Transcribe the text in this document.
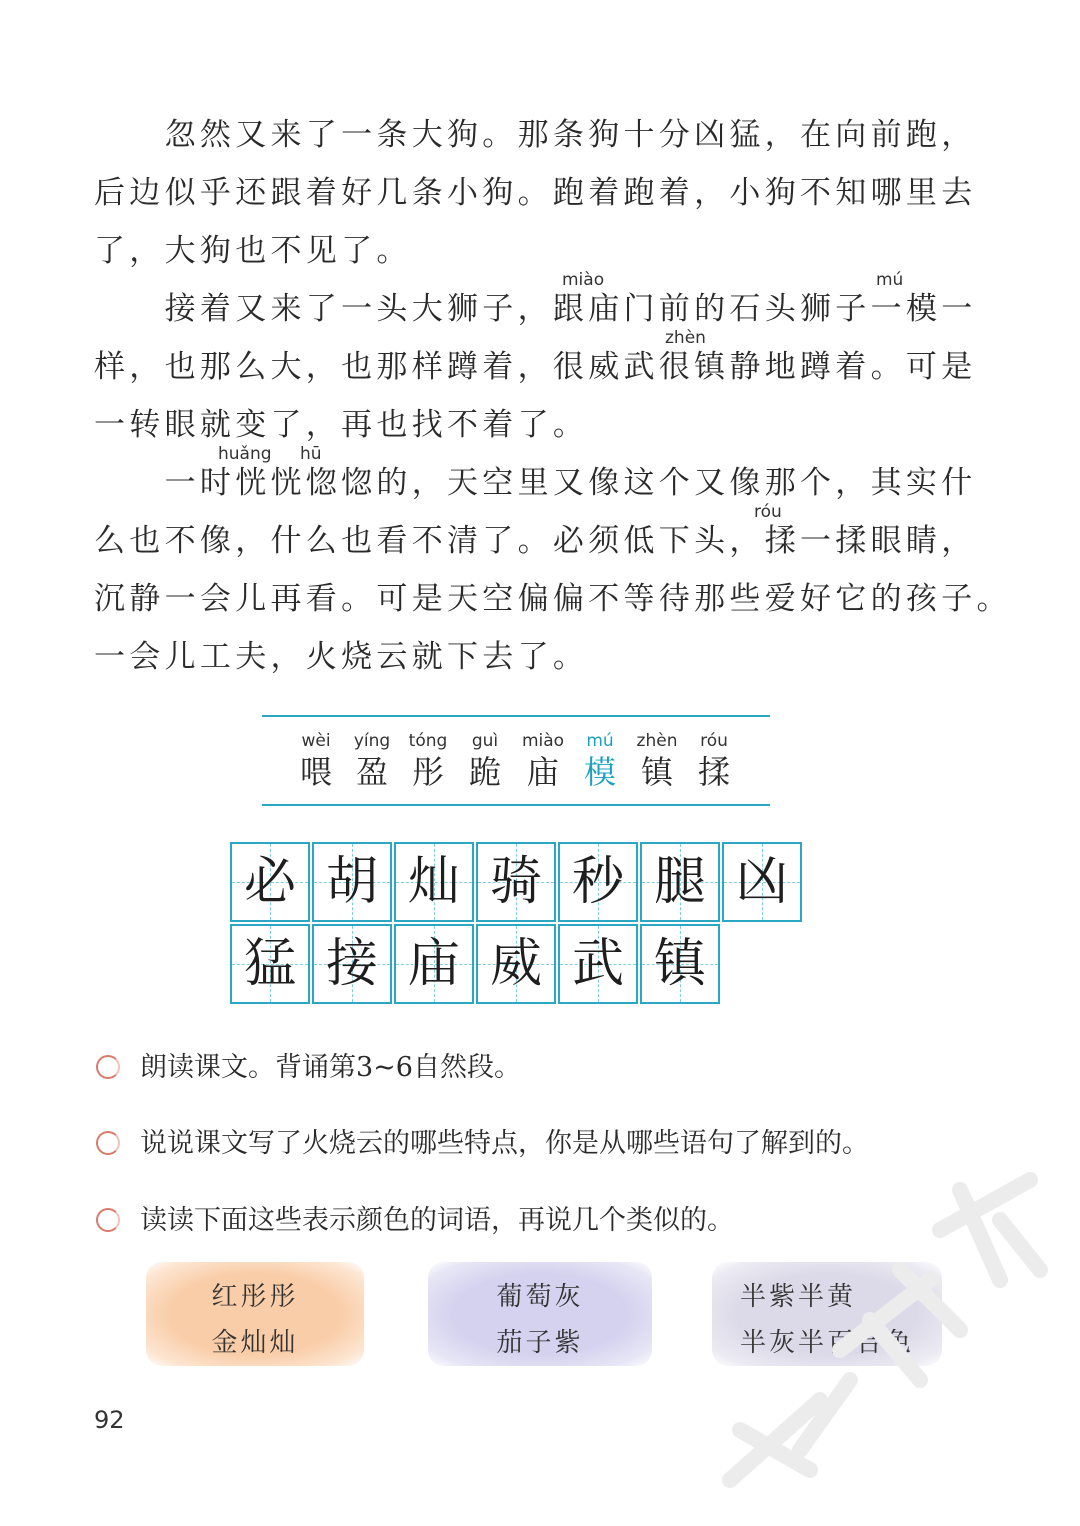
　　忽然又来了一条大狗。那条狗十分凶猛，在向前跑，
后边似乎还跟着好几条小狗。跑着跑着，小狗不知哪里去
了，大狗也不见了。
　　接着又来了一头大狮子，跟庙门前的石头狮子一模一
样，也那么大，也那样蹲着，很威武很镇静地蹲着。可是
一转眼就变了，再也找不着了。
　　一时恍恍惚惚的，天空里又像这个又像那个，其实什
么也不像，什么也看不清了。必须低下头，揉一揉眼睛，
沉静一会儿再看。可是天空偏偏不等待那些爱好它的孩子。
一会儿工夫，火烧云就下去了。
miào	mú
zhèn
huǎng hū
róu
wèi
喂
yíng
盈
tóng
彤
guì
跪
miào
庙
mú
模
zhèn
镇
róu
揉
必 胡 灿 骑 秒 腿 凶
猛 接 庙 威 武 镇
朗读课文。背诵第3~6自然段。
说说课文写了火烧云的哪些特点，你是从哪些语句了解到的。
读读下面这些表示颜色的词语，再说几个类似的。
红彤彤
金灿灿
葡萄灰
茄子紫
半紫半黄
半灰半百合色
92
